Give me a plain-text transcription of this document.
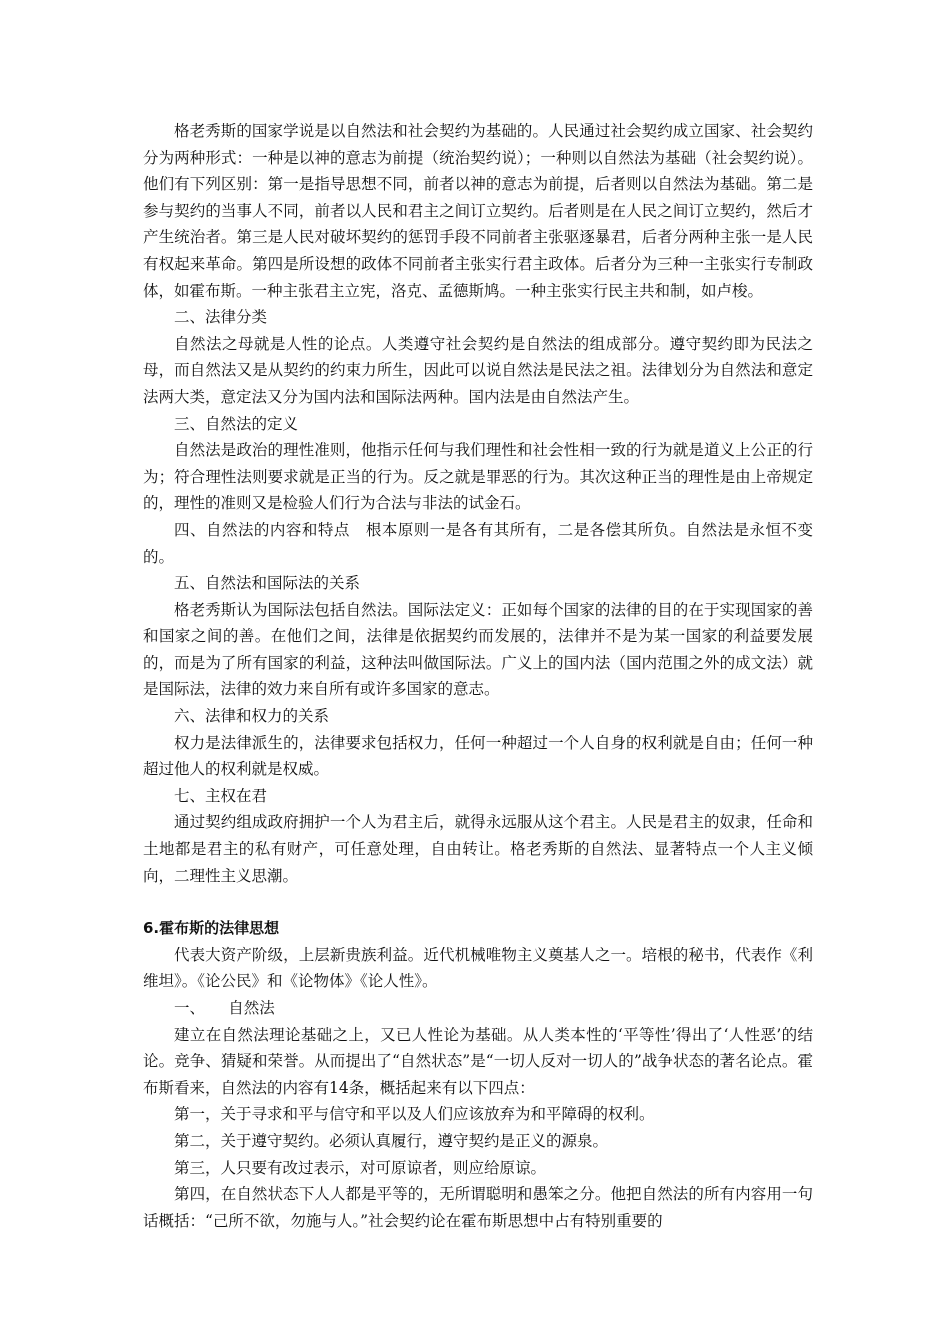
格老秀斯的国家学说是以自然法和社会契约为基础的。人民通过社会契约成立国家、社会契约分为两种形式：一种是以神的意志为前提（统治契约说）；一种则以自然法为基础（社会契约说）。他们有下列区别：第一是指导思想不同，前者以神的意志为前提，后者则以自然法为基础。第二是参与契约的当事人不同，前者以人民和君主之间订立契约。后者则是在人民之间订立契约，然后才产生统治者。第三是人民对破坏契约的惩罚手段不同前者主张驱逐暴君，后者分两种主张一是人民有权起来革命。第四是所设想的政体不同前者主张实行君主政体。后者分为三种一主张实行专制政体，如霍布斯。一种主张君主立宪，洛克、孟德斯鸠。一种主张实行民主共和制，如卢梭。

二、法律分类

自然法之母就是人性的论点。人类遵守社会契约是自然法的组成部分。遵守契约即为民法之母，而自然法又是从契约的约束力所生，因此可以说自然法是民法之祖。法律划分为自然法和意定法两大类，意定法又分为国内法和国际法两种。国内法是由自然法产生。

三、自然法的定义

自然法是政治的理性准则，他指示任何与我们理性和社会性相一致的行为就是道义上公正的行为；符合理性法则要求就是正当的行为。反之就是罪恶的行为。其次这种正当的理性是由上帝规定的，理性的准则又是检验人们行为合法与非法的试金石。

四、自然法的内容和特点　根本原则一是各有其所有，二是各偿其所负。自然法是永恒不变的。

五、自然法和国际法的关系

格老秀斯认为国际法包括自然法。国际法定义：正如每个国家的法律的目的在于实现国家的善和国家之间的善。在他们之间，法律是依据契约而发展的，法律并不是为某一国家的利益要发展的，而是为了所有国家的利益，这种法叫做国际法。广义上的国内法（国内范围之外的成文法）就是国际法，法律的效力来自所有或许多国家的意志。

六、法律和权力的关系

权力是法律派生的，法律要求包括权力，任何一种超过一个人自身的权利就是自由；任何一种超过他人的权利就是权威。

七、主权在君

通过契约组成政府拥护一个人为君主后，就得永远服从这个君主。人民是君主的奴隶，任命和土地都是君主的私有财产，可任意处理，自由转让。格老秀斯的自然法、显著特点一个人主义倾向，二理性主义思潮。

6.霍布斯的法律思想

代表大资产阶级，上层新贵族利益。近代机械唯物主义奠基人之一。培根的秘书，代表作《利维坦》。《论公民》和《论物体》《论人性》。

一、　　自然法

建立在自然法理论基础之上，又已人性论为基础。从人类本性的‘平等性’得出了‘人性恶’的结论。竞争、猜疑和荣誉。从而提出了“自然状态”是“一切人反对一切人的”战争状态的著名论点。霍布斯看来，自然法的内容有14条，概括起来有以下四点：

第一，关于寻求和平与信守和平以及人们应该放弃为和平障碍的权利。

第二，关于遵守契约。必须认真履行，遵守契约是正义的源泉。

第三，人只要有改过表示，对可原谅者，则应给原谅。

第四，在自然状态下人人都是平等的，无所谓聪明和愚笨之分。他把自然法的所有内容用一句话概括：“己所不欲，勿施与人。”社会契约论在霍布斯思想中占有特别重要的
